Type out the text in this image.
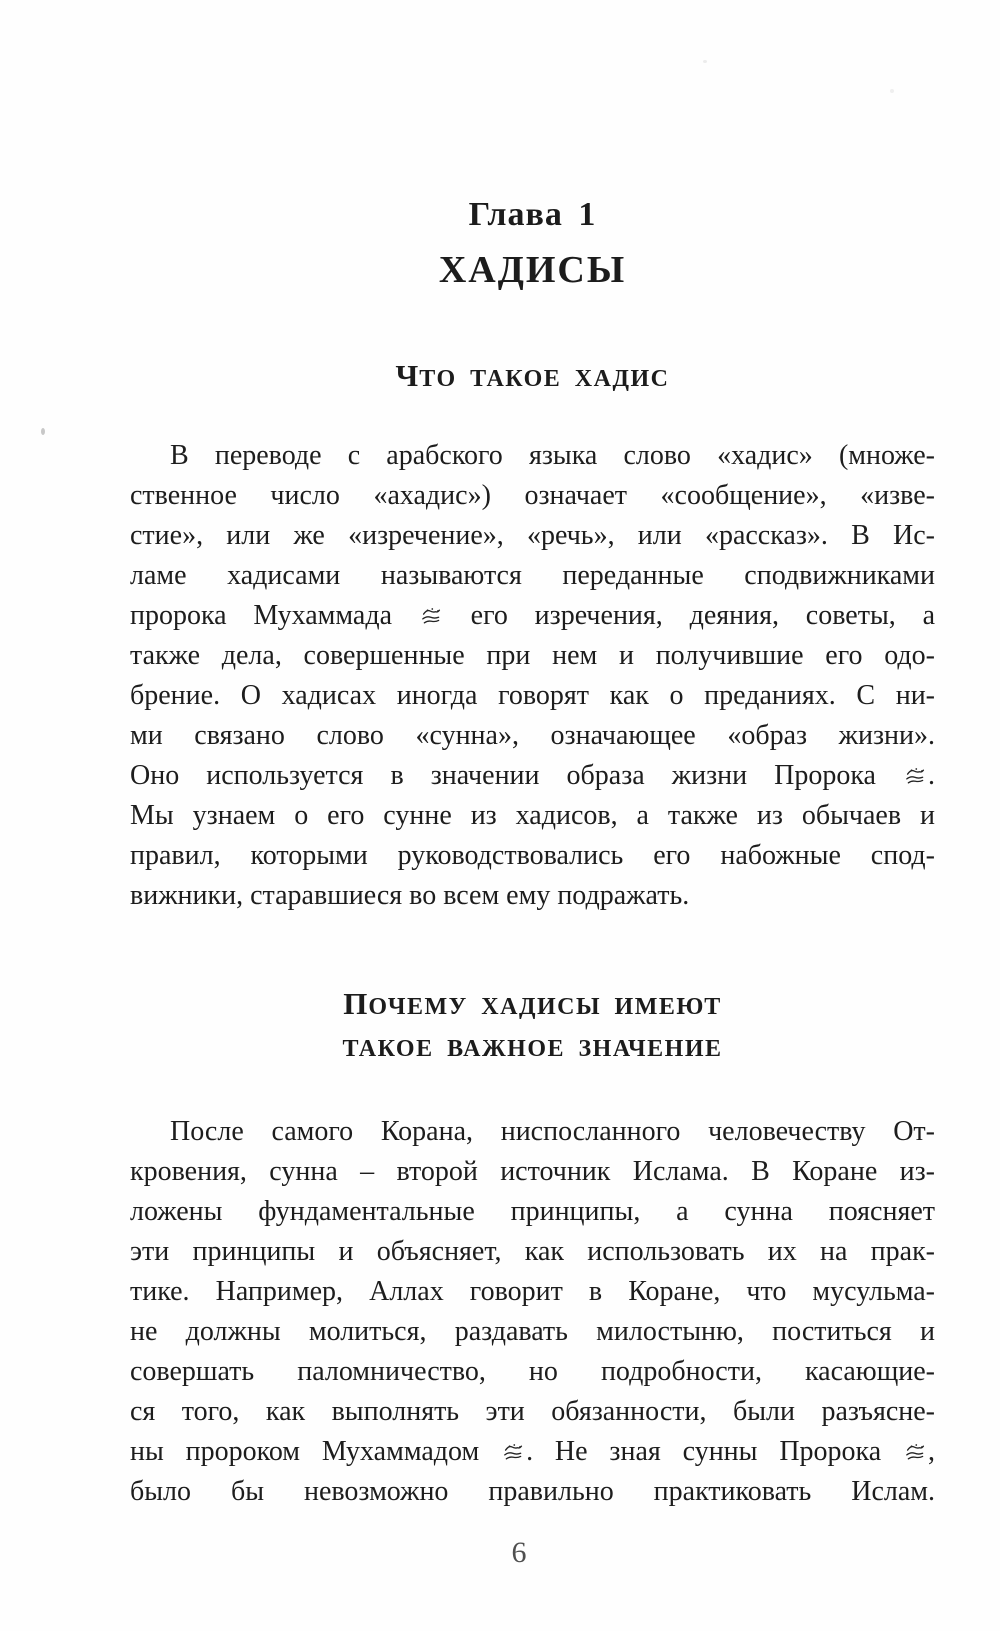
Глава 1
ХАДИСЫ
ЧТО ТАКОЕ ХАДИС
В переводе с арабского языка слово «хадис» (множе-
ственное число «ахадис») означает «сообщение», «изве-
стие», или же «изречение», «речь», или «рассказ». В Ис-
ламе хадисами называются переданные сподвижниками
пророка Мухаммада  его изречения, деяния, советы, а
также дела, совершенные при нем и получившие его одо-
брение. О хадисах иногда говорят как о преданиях. С ни-
ми связано слово «сунна», означающее «образ жизни».
Оно используется в значении образа жизни Пророка .
Мы узнаем о его сунне из хадисов, а также из обычаев и
правил, которыми руководствовались его набожные спод-
вижники, старавшиеся во всем ему подражать.
ПОЧЕМУ ХАДИСЫ ИМЕЮТ
ТАКОЕ ВАЖНОЕ ЗНАЧЕНИЕ
После самого Корана, ниспосланного человечеству От-
кровения, сунна – второй источник Ислама. В Коране из-
ложены фундаментальные принципы, а сунна поясняет
эти принципы и объясняет, как использовать их на прак-
тике. Например, Аллах говорит в Коране, что мусульма-
не должны молиться, раздавать милостыню, поститься и
совершать паломничество, но подробности, касающие-
ся того, как выполнять эти обязанности, были разъясне-
ны пророком Мухаммадом . Не зная сунны Пророка ,
было бы невозможно правильно практиковать Ислам.
6
